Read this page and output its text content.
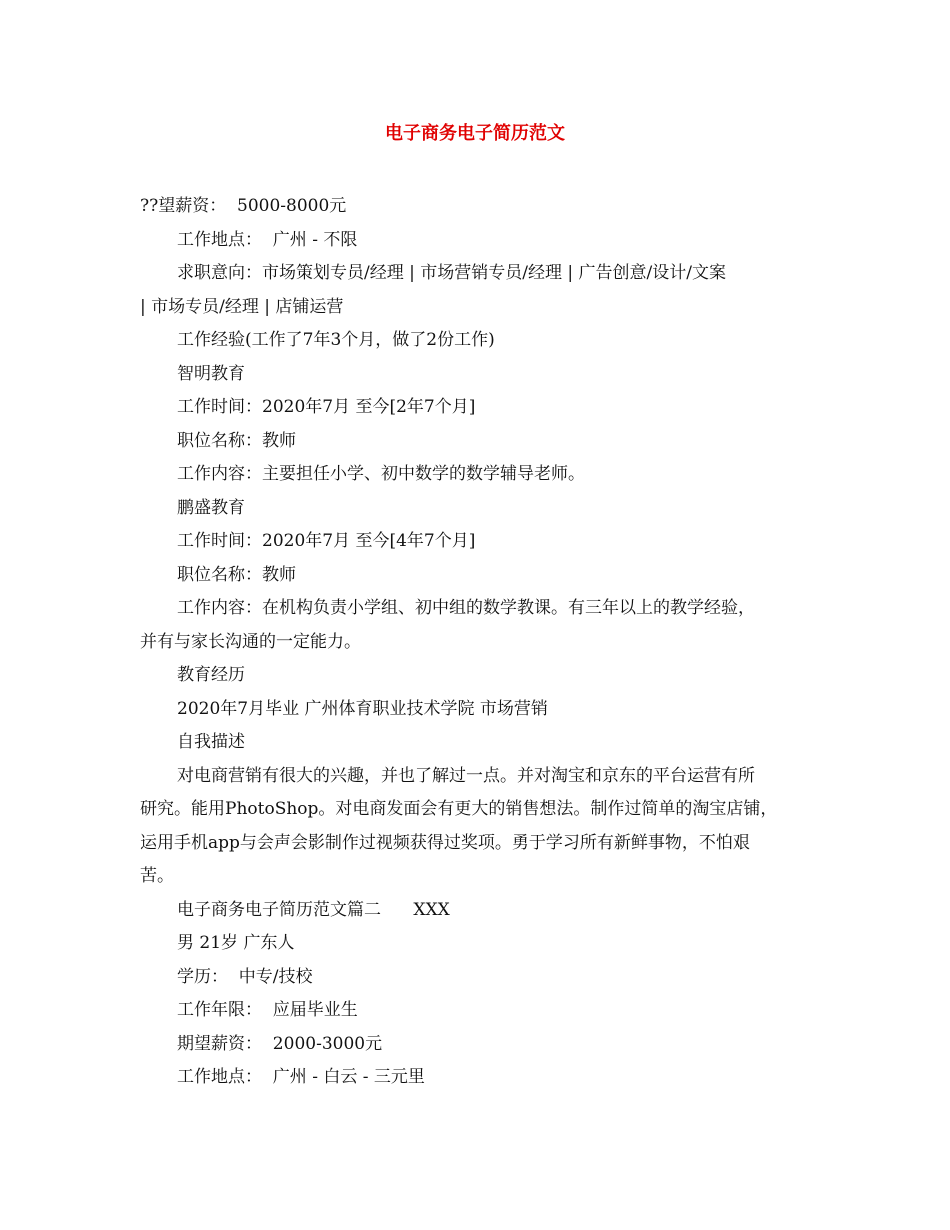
电子商务电子简历范文

??望薪资：  5000-8000元

工作地点：  广州 - 不限

求职意向：市场策划专员/经理 | 市场营销专员/经理 | 广告创意/设计/文案

| 市场专员/经理 | 店铺运营

工作经验(工作了7年3个月，做了2份工作)

智明教育

工作时间：2020年7月 至今[2年7个月]

职位名称：教师

工作内容：主要担任小学、初中数学的数学辅导老师。

鹏盛教育

工作时间：2020年7月 至今[4年7个月]

职位名称：教师

工作内容：在机构负责小学组、初中组的数学教课。有三年以上的教学经验，

并有与家长沟通的一定能力。

教育经历

2020年7月毕业 广州体育职业技术学院 市场营销

自我描述

对电商营销有很大的兴趣，并也了解过一点。并对淘宝和京东的平台运营有所

研究。能用PhotoShop。对电商发面会有更大的销售想法。制作过简单的淘宝店铺，

运用手机app与会声会影制作过视频获得过奖项。勇于学习所有新鲜事物，不怕艰

苦。

电子商务电子简历范文篇二      XXX

男 21岁 广东人

学历：  中专/技校

工作年限：  应届毕业生

期望薪资：  2000-3000元

工作地点：  广州 - 白云 - 三元里
